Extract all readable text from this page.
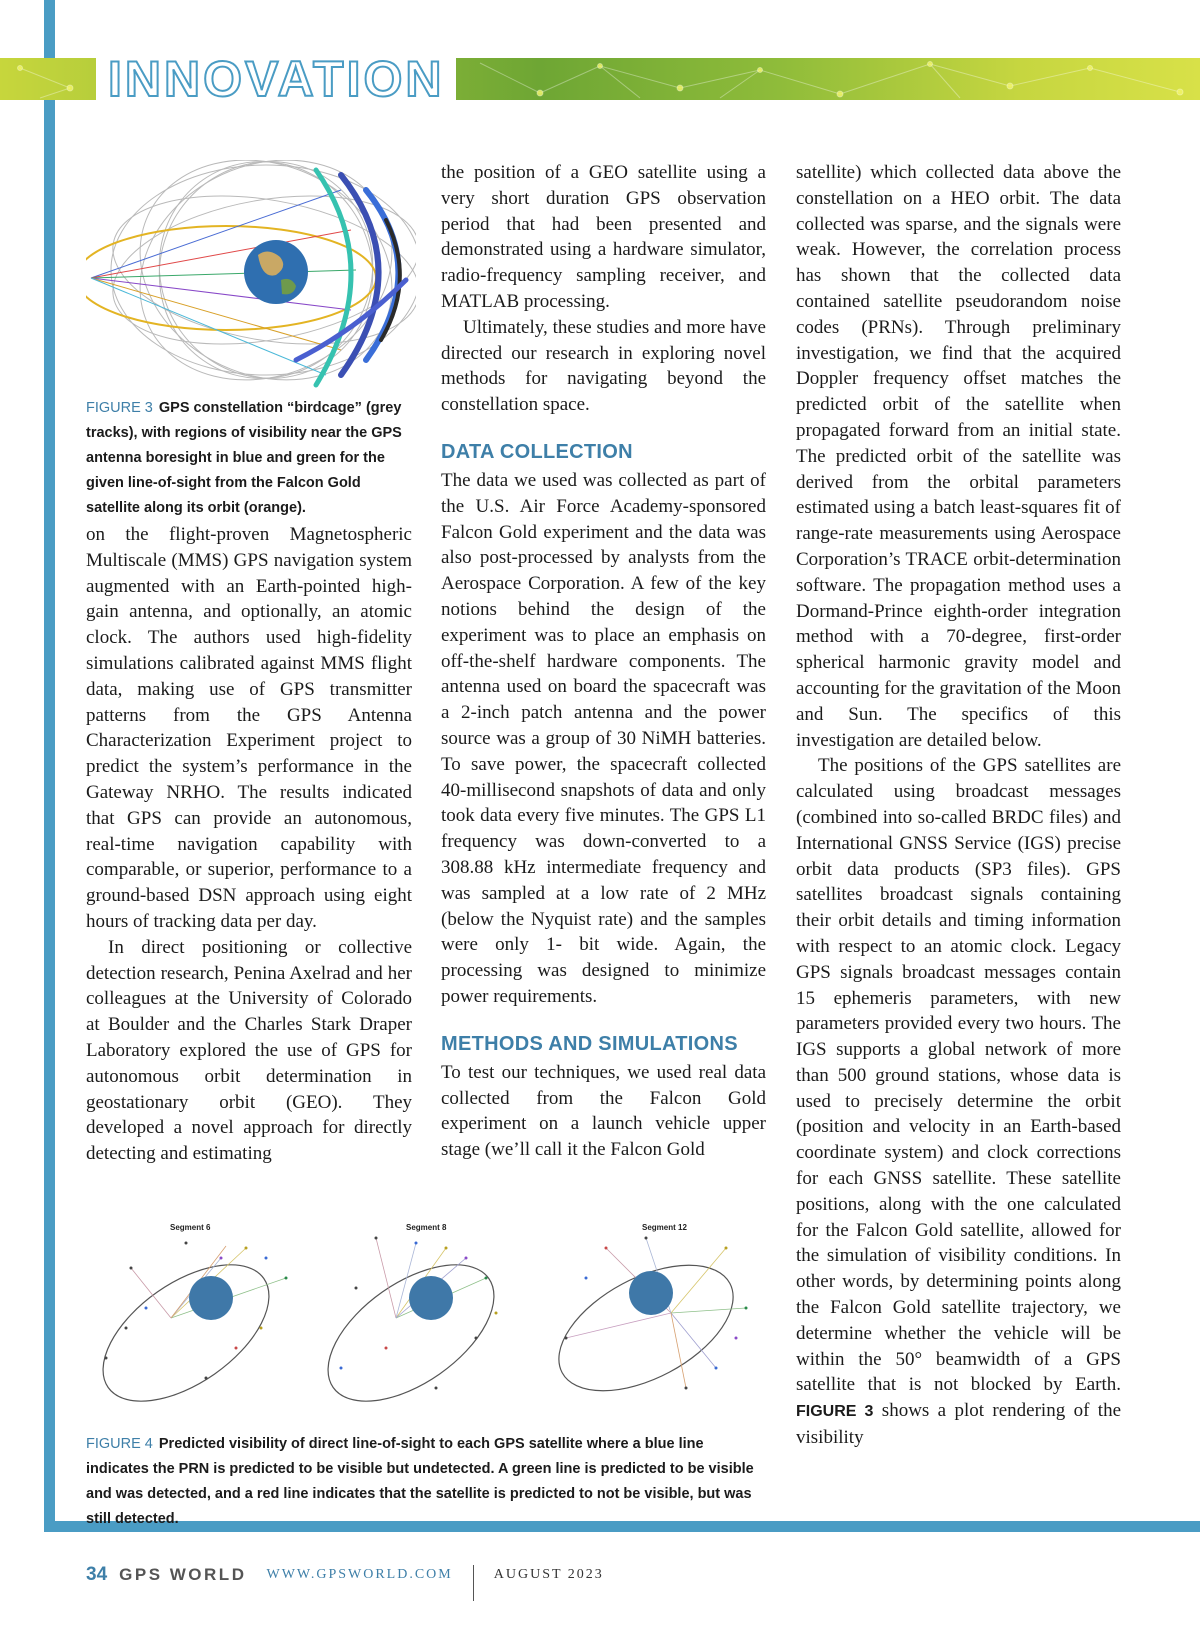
INNOVATION
FIGURE 3 GPS constellation “birdcage” (grey tracks), with regions of visibility near the GPS antenna boresight in blue and green for the given line-of-sight from the Falcon Gold satellite along its orbit (orange).

on the flight-proven Magnetospheric Multiscale (MMS) GPS navigation system augmented with an Earth-pointed high-gain antenna, and optionally, an atomic clock. The authors used high-fidelity simulations calibrated against MMS flight data, making use of GPS transmitter patterns from the GPS Antenna Characterization Experiment project to predict the system’s performance in the Gateway NRHO. The results indicated that GPS can provide an autonomous, real-time navigation capability with comparable, or superior, performance to a ground-based DSN approach using eight hours of tracking data per day.

In direct positioning or collective detection research, Penina Axelrad and her colleagues at the University of Colorado at Boulder and the Charles Stark Draper Laboratory explored the use of GPS for autonomous orbit determination in geostationary orbit (GEO). They developed a novel approach for directly detecting and estimating

the position of a GEO satellite using a very short duration GPS observation period that had been presented and demonstrated using a hardware simulator, radio-frequency sampling receiver, and MATLAB processing.

Ultimately, these studies and more have directed our research in exploring novel methods for navigating beyond the constellation space.

DATA COLLECTION

The data we used was collected as part of the U.S. Air Force Academy-sponsored Falcon Gold experiment and the data was also post-processed by analysts from the Aerospace Corporation. A few of the key notions behind the design of the experiment was to place an emphasis on off-the-shelf hardware components. The antenna used on board the spacecraft was a 2-inch patch antenna and the power source was a group of 30 NiMH batteries. To save power, the spacecraft collected 40-millisecond snapshots of data and only took data every five minutes. The GPS L1 frequency was down-converted to a 308.88 kHz intermediate frequency and was sampled at a low rate of 2 MHz (below the Nyquist rate) and the samples were only 1- bit wide. Again, the processing was designed to minimize power requirements.

METHODS AND SIMULATIONS

To test our techniques, we used real data collected from the Falcon Gold experiment on a launch vehicle upper stage (we’ll call it the Falcon Gold

satellite) which collected data above the constellation on a HEO orbit. The data collected was sparse, and the signals were weak. However, the correlation process has shown that the collected data contained satellite pseudorandom noise codes (PRNs). Through preliminary investigation, we find that the acquired Doppler frequency offset matches the predicted orbit of the satellite when propagated forward from an initial state. The predicted orbit of the satellite was derived from the orbital parameters estimated using a batch least-squares fit of range-rate measurements using Aerospace Corporation’s TRACE orbit-determination software. The propagation method uses a Dormand-Prince eighth-order integration method with a 70-degree, first-order spherical harmonic gravity model and accounting for the gravitation of the Moon and Sun. The specifics of this investigation are detailed below.

The positions of the GPS satellites are calculated using broadcast messages (combined into so-called BRDC files) and International GNSS Service (IGS) precise orbit data products (SP3 files). GPS satellites broadcast signals containing their orbit details and timing information with respect to an atomic clock. Legacy GPS signals broadcast messages contain 15 ephemeris parameters, with new parameters provided every two hours. The IGS supports a global network of more than 500 ground stations, whose data is used to precisely determine the orbit (position and velocity in an Earth-based coordinate system) and clock corrections for each GNSS satellite. These satellite positions, along with the one calculated for the Falcon Gold satellite, allowed for the simulation of visibility conditions. In other words, by determining points along the Falcon Gold satellite trajectory, we determine whether the vehicle will be within the 50° beamwidth of a GPS satellite that is not blocked by Earth. FIGURE 3 shows a plot rendering of the visibility

Segment 6	Segment 8	Segment 12
FIGURE 4 Predicted visibility of direct line-of-sight to each GPS satellite where a blue line indicates the PRN is predicted to be visible but undetected. A green line is predicted to be visible and was detected, and a red line indicates that the satellite is predicted to not be visible, but was still detected.
34 GPS WORLD WWW.GPSWORLD.COM	AUGUST 2023
